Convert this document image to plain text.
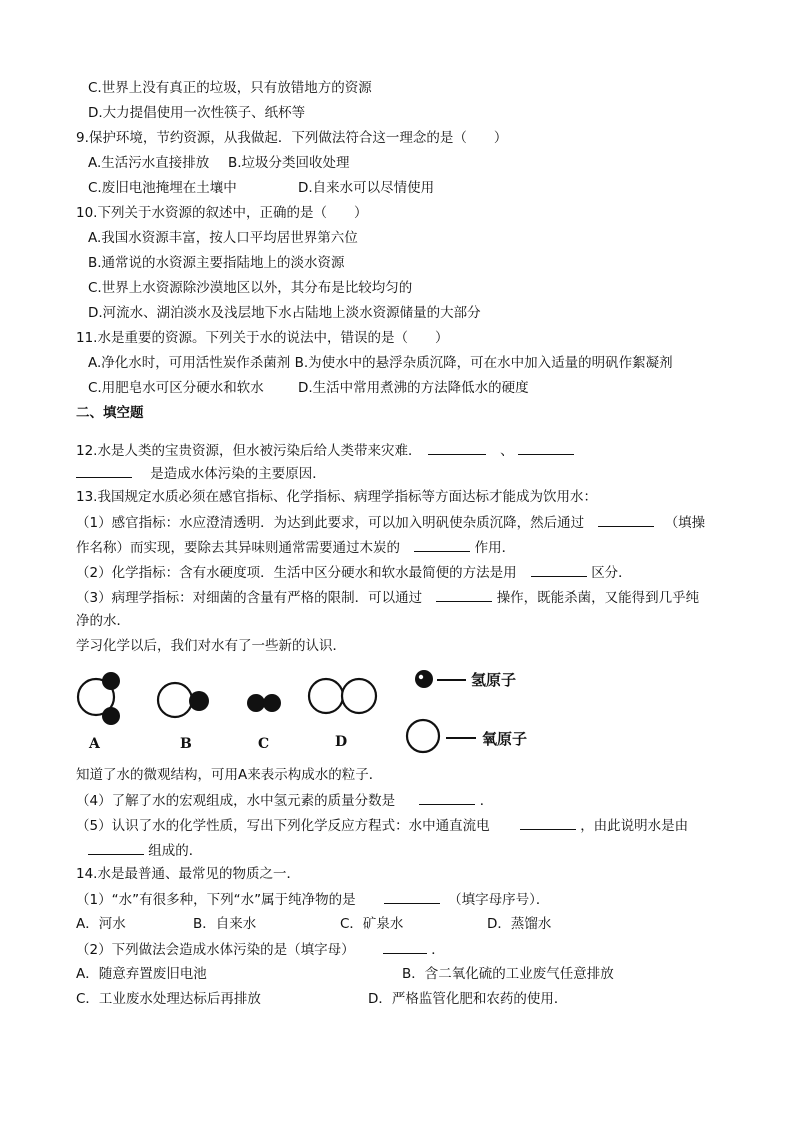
C.世界上没有真正的垃圾，只有放错地方的资源
D.大力提倡使用一次性筷子、纸杯等
9.保护环境，节约资源，从我做起．下列做法符合这一理念的是（　　）
A.生活污水直接排放 B.垃圾分类回收处理
C.废旧电池掩埋在土壤中	D.自来水可以尽情使用
10.下列关于水资源的叙述中，正确的是（　　）
A.我国水资源丰富，按人口平均居世界第六位
B.通常说的水资源主要指陆地上的淡水资源
C.世界上水资源除沙漠地区以外，其分布是比较均匀的
D.河流水、湖泊淡水及浅层地下水占陆地上淡水资源储量的大部分
11.水是重要的资源。下列关于水的说法中，错误的是（　　）
A.净化水时，可用活性炭作杀菌剂 B.为使水中的悬浮杂质沉降，可在水中加入适量的明矾作絮凝剂
C.用肥皂水可区分硬水和软水	D.生活中常用煮沸的方法降低水的硬度
二、填空题
12.水是人类的宝贵资源，但水被污染后给人类带来灾难．	、
是造成水体污染的主要原因．
13.我国规定水质必须在感官指标、化学指标、病理学指标等方面达标才能成为饮用水：
（1）感官指标：水应澄清透明．为达到此要求，可以加入明矾使杂质沉降，然后通过	（填操
作名称）而实现，要除去其异味则通常需要通过木炭的	作用．
（2）化学指标：含有水硬度项．生活中区分硬水和软水最简便的方法是用	区分．
（3）病理学指标：对细菌的含量有严格的限制．可以通过	操作，既能杀菌，又能得到几乎纯
净的水．
学习化学以后，我们对水有了一些新的认识．
A	B	C	D
氢原子
氧原子
知道了水的微观结构，可用A来表示构成水的粒子．
（4）了解了水的宏观组成，水中氢元素的质量分数是	．
（5）认识了水的化学性质，写出下列化学反应方程式：水中通直流电	，由此说明水是由
组成的．
14.水是最普通、最常见的物质之一．
（1）“水”有很多种，下列“水”属于纯净物的是	（填字母序号）．
A．河水	B．自来水	C．矿泉水	D．蒸馏水
（2）下列做法会造成水体污染的是（填字母）	．
A．随意弃置废旧电池	B．含二氧化硫的工业废气任意排放
C．工业废水处理达标后再排放	D．严格监管化肥和农药的使用．
